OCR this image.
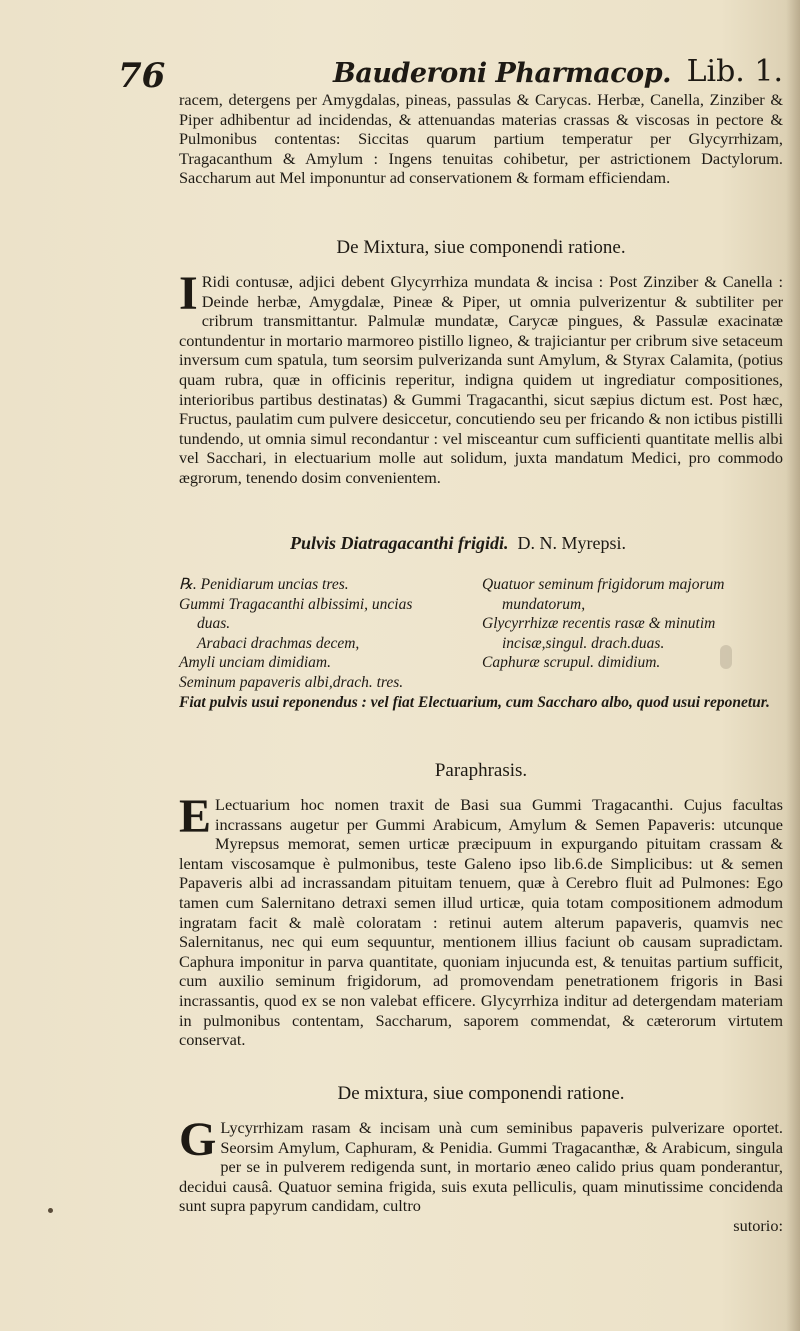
76	Bauderoni Pharmacop. Lib. 1.
racem, detergens per Amygdalas, pineas, passulas & Carycas. Herbæ, Canella, Zinziber & Piper adhibentur ad incidendas, & attenuandas materias crassas & viscosas in pectore & Pulmonibus contentas: Siccitas quarum partium temperatur per Glycyrrhizam, Tragacanthum & Amylum : Ingens tenuitas cohibetur, per astrictionem Dactylorum. Saccharum aut Mel imponuntur ad conservationem & formam efficiendam.
De Mixtura, siue componendi ratione.
I Ridi contusæ, adjici debent Glycyrrhiza mundata & incisa : Post Zinziber & Canella : Deinde herbæ, Amygdalæ, Pineæ & Piper, ut omnia pulverizentur & subtiliter per cribrum transmittantur. Palmulæ mundatæ, Carycæ pingues, & Passulæ exacinatæ contundentur in mortario marmoreo pistillo ligneo, & trajiciantur per cribrum sive setaceum inversum cum spatula, tum seorsim pulverizanda sunt Amylum, & Styrax Calamita, (potius quam rubra, quæ in officinis reperitur, indigna quidem ut ingrediatur compositiones, interioribus partibus destinatas) & Gummi Tragacanthi, sicut sæpius dictum est. Post hæc, Fructus, paulatim cum pulvere desiccetur, concutiendo seu per fricando & non ictibus pistilli tundendo, ut omnia simul recondantur : vel misceantur cum sufficienti quantitate mellis albi vel Sacchari, in electuarium molle aut solidum, juxta mandatum Medici, pro commodo ægrorum, tenendo dosim convenientem.
Pulvis Diatragacanthi frigidi. D. N. Myrepsi.
℞. Penidiarum uncias tres.
Gummi Tragacanthi albissimi, uncias
duas.
Arabaci drachmas decem,
Amyli unciam dimidiam.
Seminum papaveris albi,drach. tres.
Quatuor seminum frigidorum majorum
mundatorum,
Glycyrrhizæ recentis rasæ & minutim
incisæ,singul. drach.duas.
Caphuræ scrupul. dimidium.
Fiat pulvis usui reponendus : vel fiat Electuarium, cum Saccharo albo, quod usui reponetur.
Paraphrasis.
E Lectuarium hoc nomen traxit de Basi sua Gummi Tragacanthi. Cujus facultas incrassans augetur per Gummi Arabicum, Amylum & Semen Papaveris: utcunque Myrepsus memorat, semen urticæ præcipuum in expurgando pituitam crassam & lentam viscosamque è pulmonibus, teste Galeno ipso lib.6.de Simplicibus: ut & semen Papaveris albi ad incrassandam pituitam tenuem, quæ à Cerebro fluit ad Pulmones: Ego tamen cum Salernitano detraxi semen illud urticæ, quia totam compositionem admodum ingratam facit & malè coloratam : retinui autem alterum papaveris, quamvis nec Salernitanus, nec qui eum sequuntur, mentionem illius faciunt ob causam supradictam. Caphura imponitur in parva quantitate, quoniam injucunda est, & tenuitas partium sufficit, cum auxilio seminum frigidorum, ad promovendam penetrationem frigoris in Basi incrassantis, quod ex se non valebat efficere. Glycyrrhiza inditur ad detergendam materiam in pulmonibus contentam, Saccharum, saporem commendat, & cæterorum virtutem conservat.
De mixtura, siue componendi ratione.
G Lycyrrhizam rasam & incisam unà cum seminibus papaveris pulverizare oportet. Seorsim Amylum, Caphuram, & Penidia. Gummi Tragacanthæ, & Arabicum, singula per se in pulverem redigenda sunt, in mortario æneo calido prius quam ponderantur, decidui causâ. Quatuor semina frigida, suis exuta pelliculis, quam minutissime concidenda sunt supra papyrum candidam, cultro
sutorio:
